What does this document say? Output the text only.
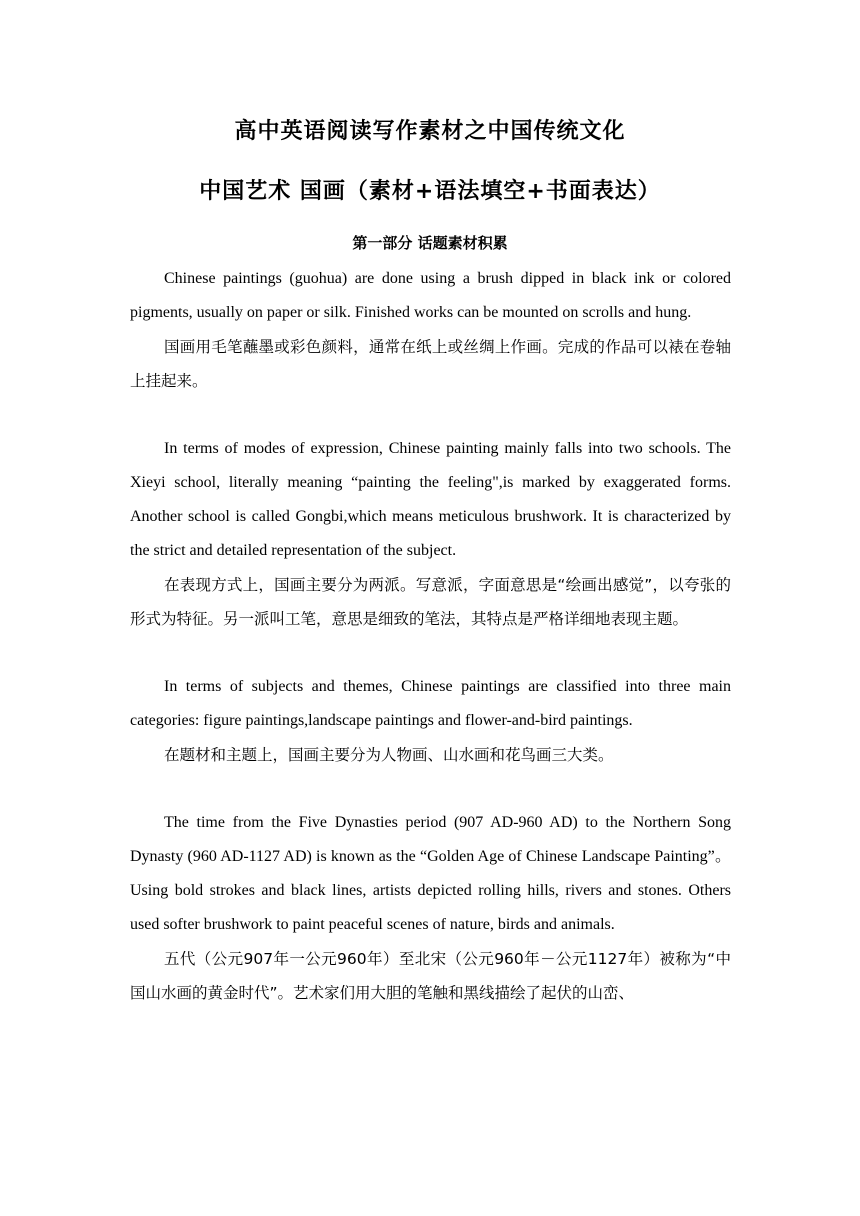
高中英语阅读写作素材之中国传统文化
中国艺术 国画（素材+语法填空+书面表达）
第一部分 话题素材积累

Chinese paintings (guohua) are done using a brush dipped in black ink or colored pigments, usually on paper or silk. Finished works can be mounted on scrolls and hung.

国画用毛笔蘸墨或彩色颜料，通常在纸上或丝绸上作画。完成的作品可以裱在卷轴上挂起来。

In terms of modes of expression, Chinese painting mainly falls into two schools. The Xieyi school, literally meaning “painting the feeling",is marked by exaggerated forms. Another school is called Gongbi,which means meticulous brushwork. It is characterized by the strict and detailed representation of the subject.

在表现方式上，国画主要分为两派。写意派，字面意思是“绘画出感觉”，以夸张的形式为特征。另一派叫工笔，意思是细致的笔法，其特点是严格详细地表现主题。

In terms of subjects and themes, Chinese paintings are classified into three main categories: figure paintings,landscape paintings and flower-and-bird paintings.

在题材和主题上，国画主要分为人物画、山水画和花鸟画三大类。

The time from the Five Dynasties period (907 AD-960 AD) to the Northern Song Dynasty (960 AD-1127 AD) is known as the “Golden Age of Chinese Landscape Painting”。 Using bold strokes and black lines, artists depicted rolling hills, rivers and stones. Others used softer brushwork to paint peaceful scenes of nature, birds and animals.

五代（公元907年一公元960年）至北宋（公元960年－公元1127年）被称为“中国山水画的黄金时代”。艺术家们用大胆的笔触和黑线描绘了起伏的山峦、
